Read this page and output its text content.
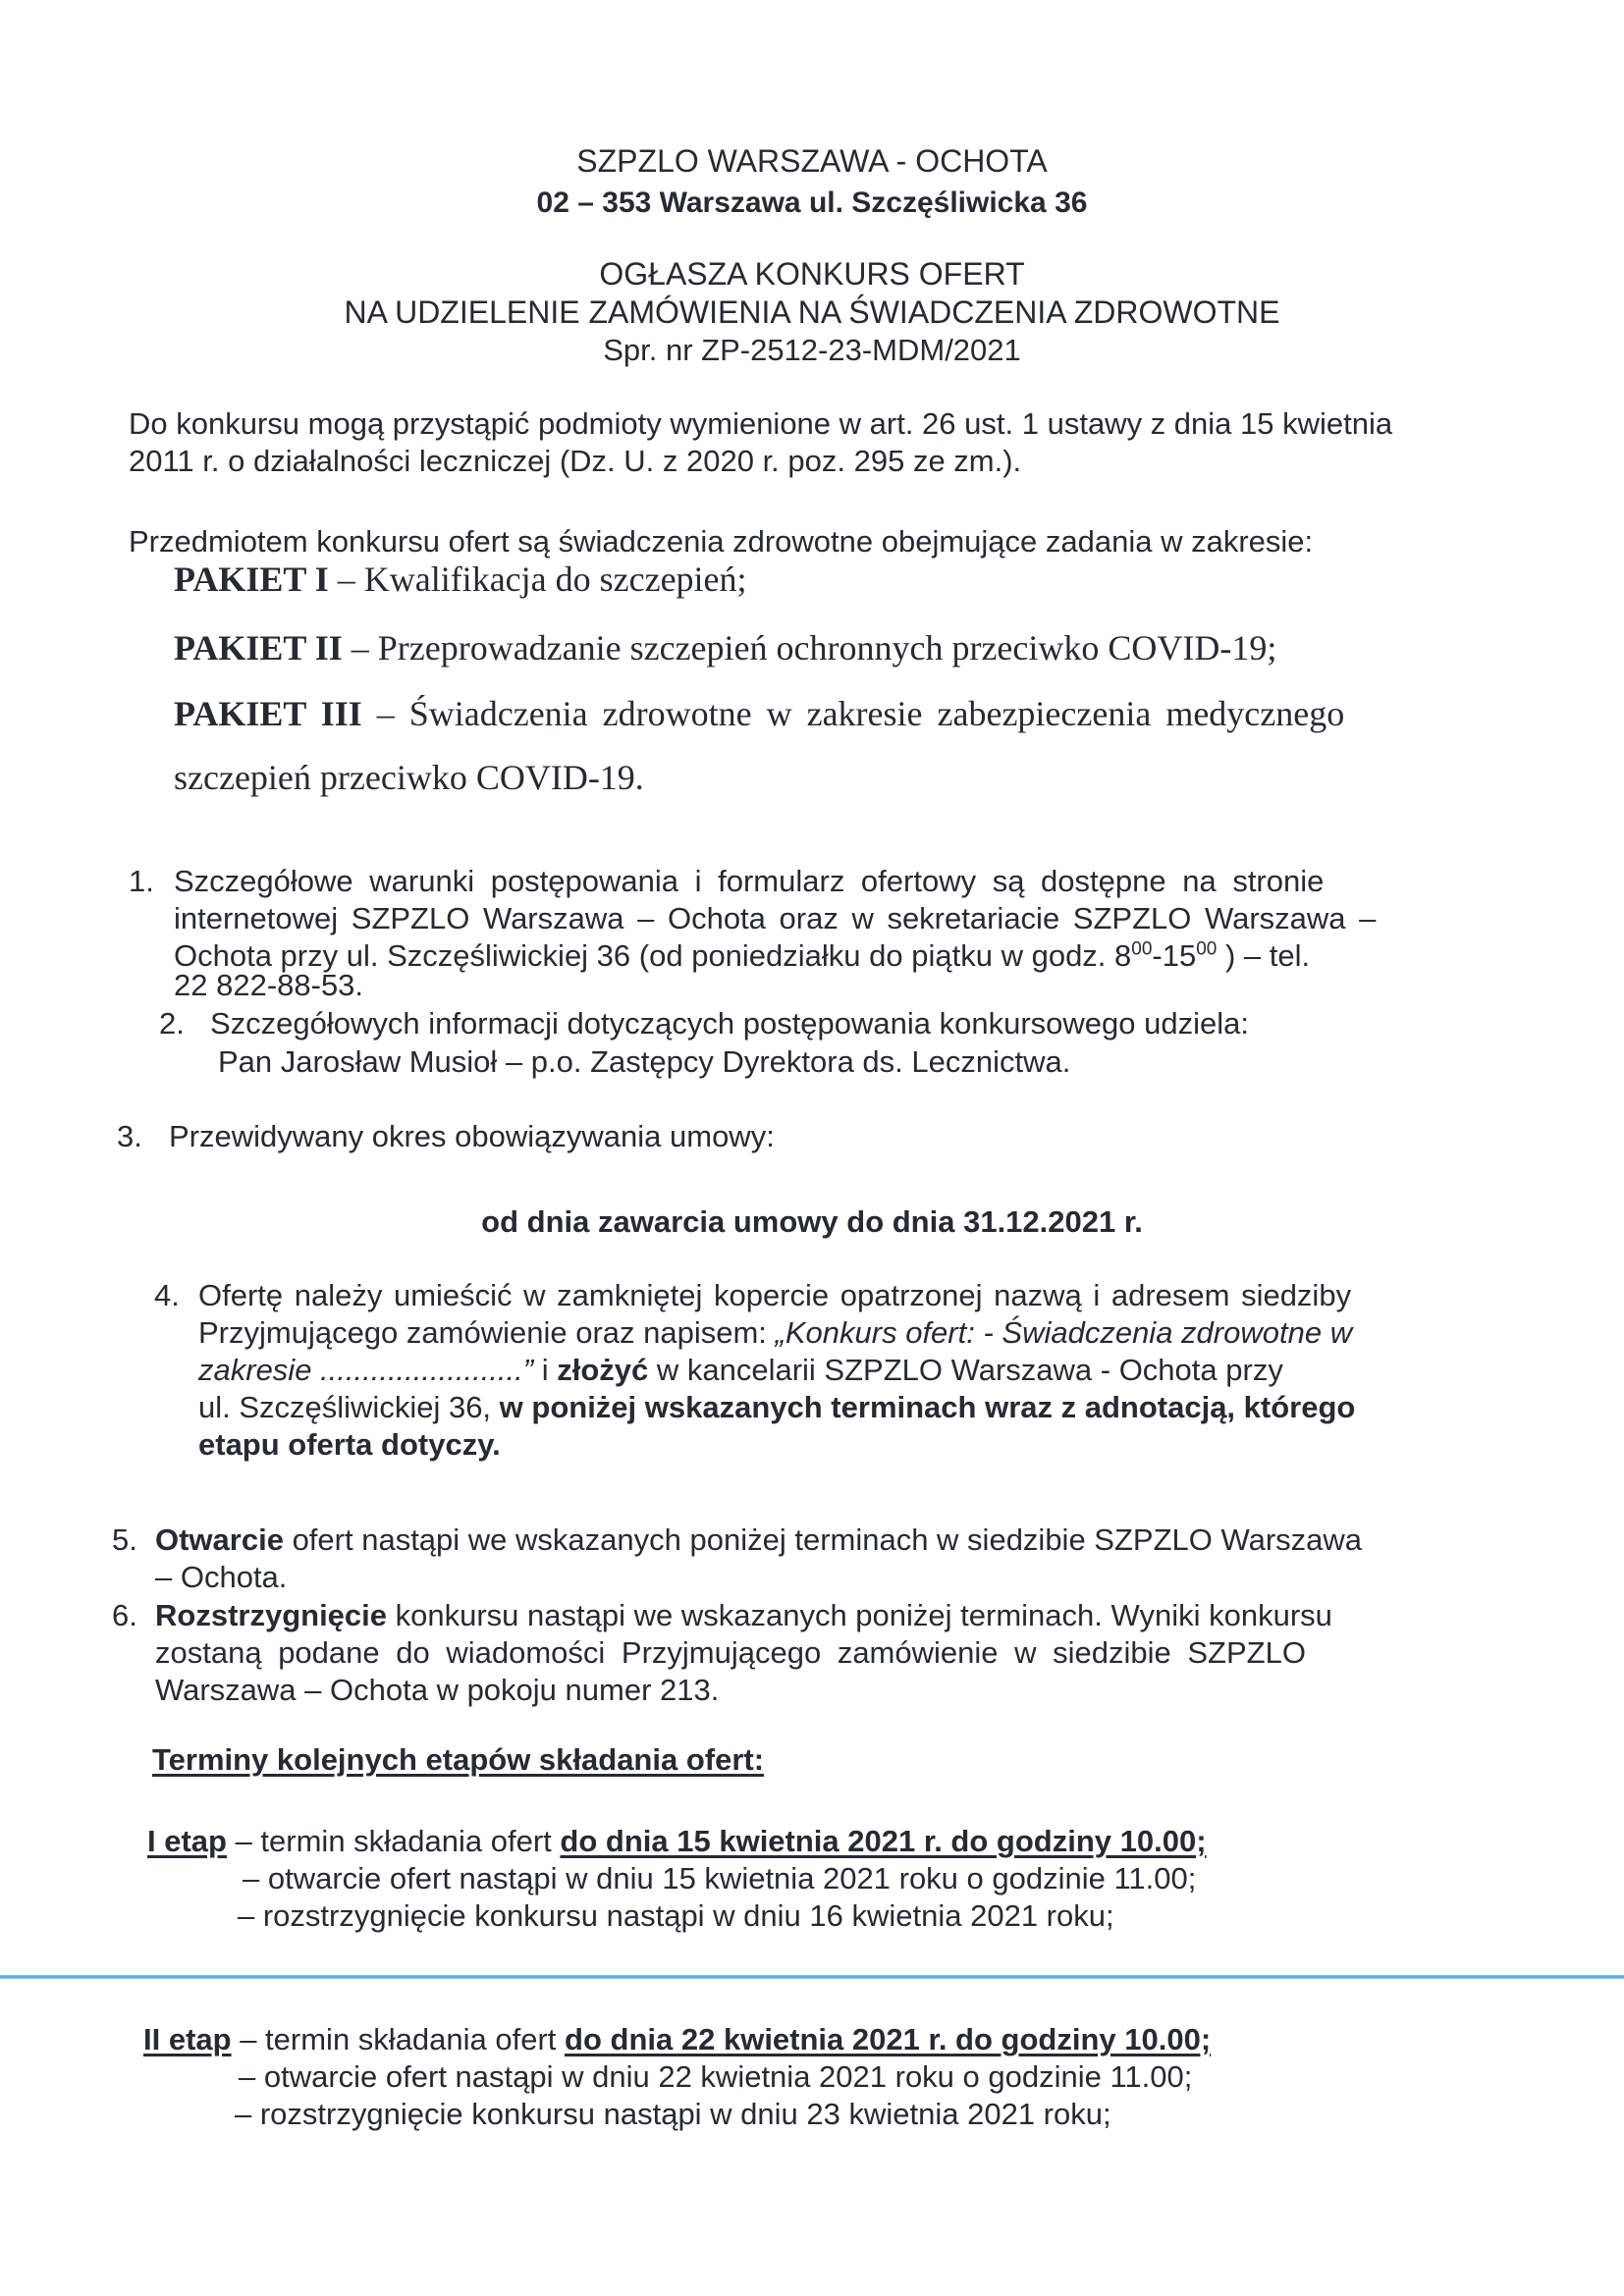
SZPZLO WARSZAWA - OCHOTA
02 – 353 Warszawa ul. Szczęśliwicka 36
OGŁASZA KONKURS OFERT
NA UDZIELENIE ZAMÓWIENIA NA ŚWIADCZENIA ZDROWOTNE
Spr. nr ZP-2512-23-MDM/2021
Do konkursu mogą przystąpić podmioty wymienione w art. 26 ust. 1 ustawy z dnia 15 kwietnia
2011 r. o działalności leczniczej (Dz. U. z 2020 r. poz. 295 ze zm.).
Przedmiotem konkursu ofert są świadczenia zdrowotne obejmujące zadania w zakresie:
PAKIET I – Kwalifikacja do szczepień;
PAKIET II – Przeprowadzanie szczepień ochronnych przeciwko COVID-19;
PAKIET III – Świadczenia zdrowotne w zakresie zabezpieczenia medycznego
szczepień przeciwko COVID-19.
1. Szczegółowe warunki postępowania i formularz ofertowy są dostępne na stronie
internetowej SZPZLO Warszawa – Ochota oraz w sekretariacie SZPZLO Warszawa –
Ochota przy ul. Szczęśliwickiej 36 (od poniedziałku do piątku w godz. $8^{00}-15^{00}$ ) – tel.
22 822-88-53.
2. Szczegółowych informacji dotyczących postępowania konkursowego udziela:
Pan Jarosław Musioł – p.o. Zastępcy Dyrektora ds. Lecznictwa.
3. Przewidywany okres obowiązywania umowy:
od dnia zawarcia umowy do dnia 31.12.2021 r.
4. Ofertę należy umieścić w zamkniętej kopercie opatrzonej nazwą i adresem siedziby
Przyjmującego zamówienie oraz napisem: „Konkurs ofert: - Świadczenia zdrowotne w
zakresie ........................” i złożyć w kancelarii SZPZLO Warszawa - Ochota przy
ul. Szczęśliwickiej 36, w poniżej wskazanych terminach wraz z adnotacją, którego
etapu oferta dotyczy.
5. Otwarcie ofert nastąpi we wskazanych poniżej terminach w siedzibie SZPZLO Warszawa
– Ochota.
6. Rozstrzygnięcie konkursu nastąpi we wskazanych poniżej terminach. Wyniki konkursu
zostaną podane do wiadomości Przyjmującego zamówienie w siedzibie SZPZLO
Warszawa – Ochota w pokoju numer 213.
Terminy kolejnych etapów składania ofert:
I etap – termin składania ofert do dnia 15 kwietnia 2021 r. do godziny 10.00;
– otwarcie ofert nastąpi w dniu 15 kwietnia 2021 roku o godzinie 11.00;
– rozstrzygnięcie konkursu nastąpi w dniu 16 kwietnia 2021 roku;
II etap – termin składania ofert do dnia 22 kwietnia 2021 r. do godziny 10.00;
– otwarcie ofert nastąpi w dniu 22 kwietnia 2021 roku o godzinie 11.00;
– rozstrzygnięcie konkursu nastąpi w dniu 23 kwietnia 2021 roku;
